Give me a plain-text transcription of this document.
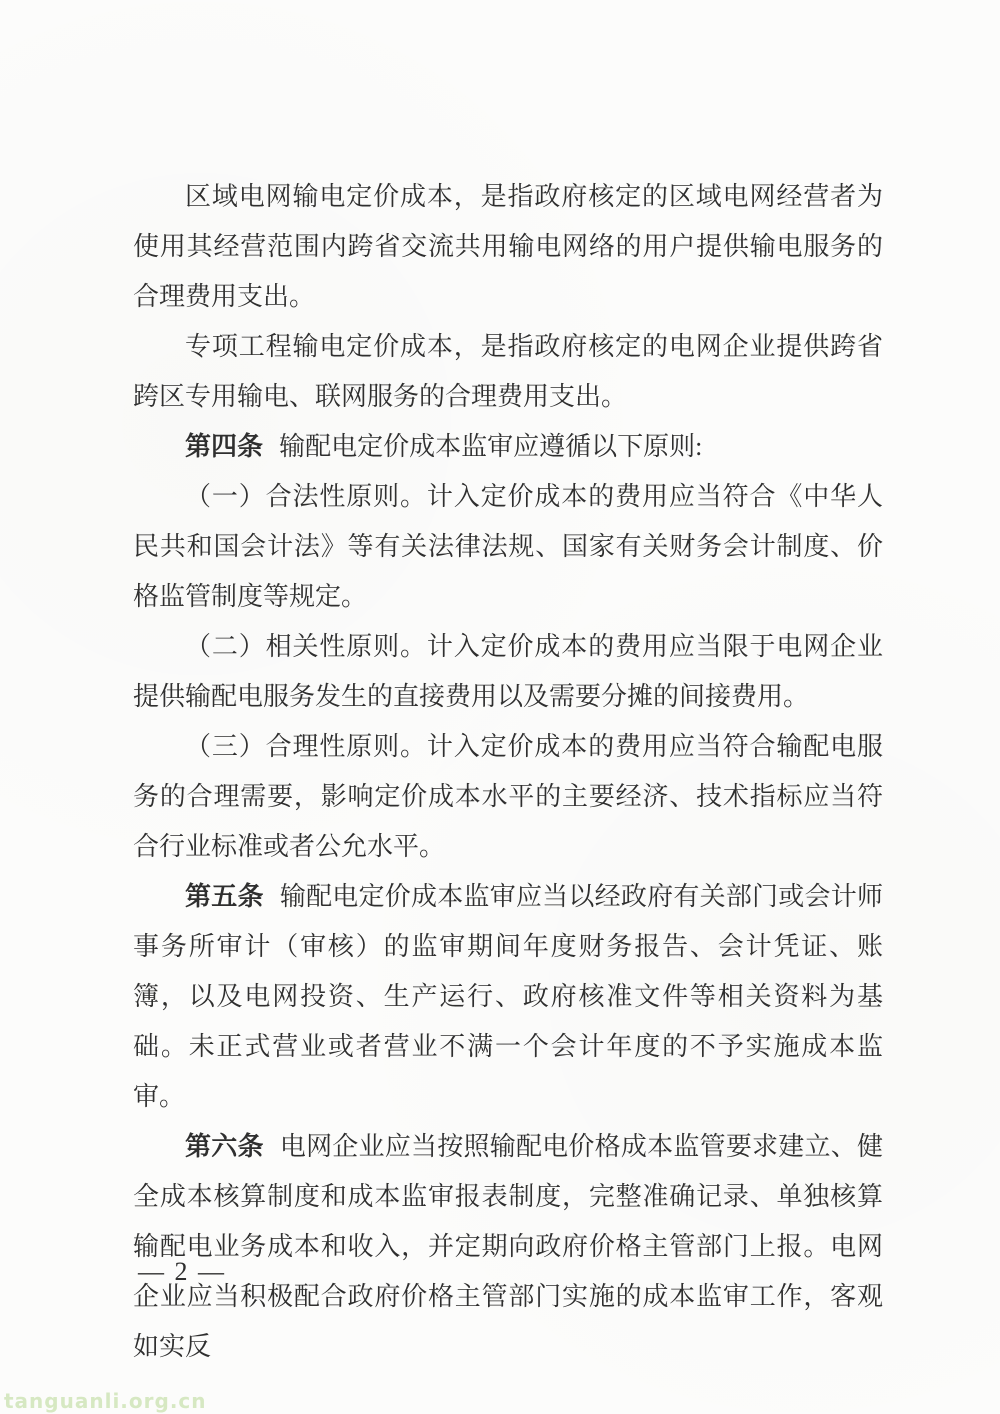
区域电网输电定价成本，是指政府核定的区域电网经营者为使用其经营范围内跨省交流共用输电网络的用户提供输电服务的合理费用支出。

专项工程输电定价成本，是指政府核定的电网企业提供跨省跨区专用输电、联网服务的合理费用支出。

第四条 输配电定价成本监审应遵循以下原则:

（一）合法性原则。计入定价成本的费用应当符合《中华人民共和国会计法》等有关法律法规、国家有关财务会计制度、价格监管制度等规定。

（二）相关性原则。计入定价成本的费用应当限于电网企业提供输配电服务发生的直接费用以及需要分摊的间接费用。

（三）合理性原则。计入定价成本的费用应当符合输配电服务的合理需要，影响定价成本水平的主要经济、技术指标应当符合行业标准或者公允水平。

第五条 输配电定价成本监审应当以经政府有关部门或会计师事务所审计（审核）的监审期间年度财务报告、会计凭证、账簿，以及电网投资、生产运行、政府核准文件等相关资料为基础。未正式营业或者营业不满一个会计年度的不予实施成本监审。

第六条 电网企业应当按照输配电价格成本监管要求建立、健全成本核算制度和成本监审报表制度，完整准确记录、单独核算输配电业务成本和收入，并定期向政府价格主管部门上报。电网企业应当积极配合政府价格主管部门实施的成本监审工作，客观如实反

— 2 —
tanguanli.org.cn
